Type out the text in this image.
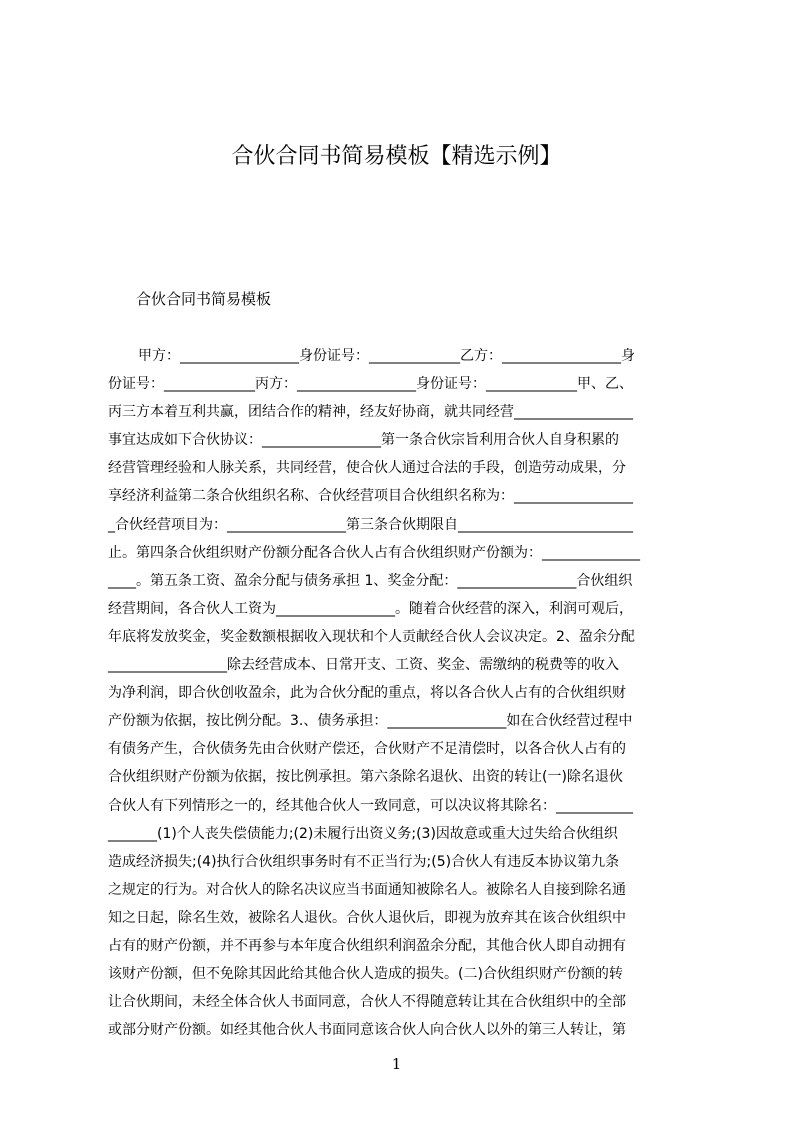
合伙合同书简易模板【精选示例】
合伙合同书简易模板
甲方：_________________身份证号：_____________乙方：_________________身
份证号：_____________丙方：_________________身份证号：_____________甲、乙、
丙三方本着互利共赢，团结合作的精神，经友好协商，就共同经营_________________
事宜达成如下合伙协议：_________________第一条合伙宗旨利用合伙人自身积累的
经营管理经验和人脉关系，共同经营，使合伙人通过合法的手段，创造劳动成果，分
享经济利益第二条合伙组织名称、合伙经营项目合伙组织名称为：_________________
_合伙经营项目为：_________________第三条合伙期限自_________________________
止。第四条合伙组织财产份额分配各合伙人占有合伙组织财产份额为：______________
____。第五条工资、盈余分配与债务承担 1、奖金分配：_________________合伙组织
经营期间，各合伙人工资为_________________。随着合伙经营的深入，利润可观后，
年底将发放奖金，奖金数额根据收入现状和个人贡献经合伙人会议决定。2、盈余分配
_________________除去经营成本、日常开支、工资、奖金、需缴纳的税费等的收入
为净利润，即合伙创收盈余，此为合伙分配的重点，将以各合伙人占有的合伙组织财
产份额为依据，按比例分配。3.、债务承担：_________________如在合伙经营过程中
有债务产生，合伙债务先由合伙财产偿还，合伙财产不足清偿时，以各合伙人占有的
合伙组织财产份额为依据，按比例承担。第六条除名退伙、出资的转让(一)除名退伙
合伙人有下列情形之一的，经其他合伙人一致同意，可以决议将其除名：___________
_______(1)个人丧失偿债能力;(2)未履行出资义务;(3)因故意或重大过失给合伙组织
造成经济损失;(4)执行合伙组织事务时有不正当行为;(5)合伙人有违反本协议第九条
之规定的行为。对合伙人的除名决议应当书面通知被除名人。被除名人自接到除名通
知之日起，除名生效，被除名人退伙。合伙人退伙后，即视为放弃其在该合伙组织中
占有的财产份额，并不再参与本年度合伙组织利润盈余分配，其他合伙人即自动拥有
该财产份额，但不免除其因此给其他合伙人造成的损失。(二)合伙组织财产份额的转
让合伙期间，未经全体合伙人书面同意，合伙人不得随意转让其在合伙组织中的全部
或部分财产份额。如经其他合伙人书面同意该合伙人向合伙人以外的第三人转让，第
1
